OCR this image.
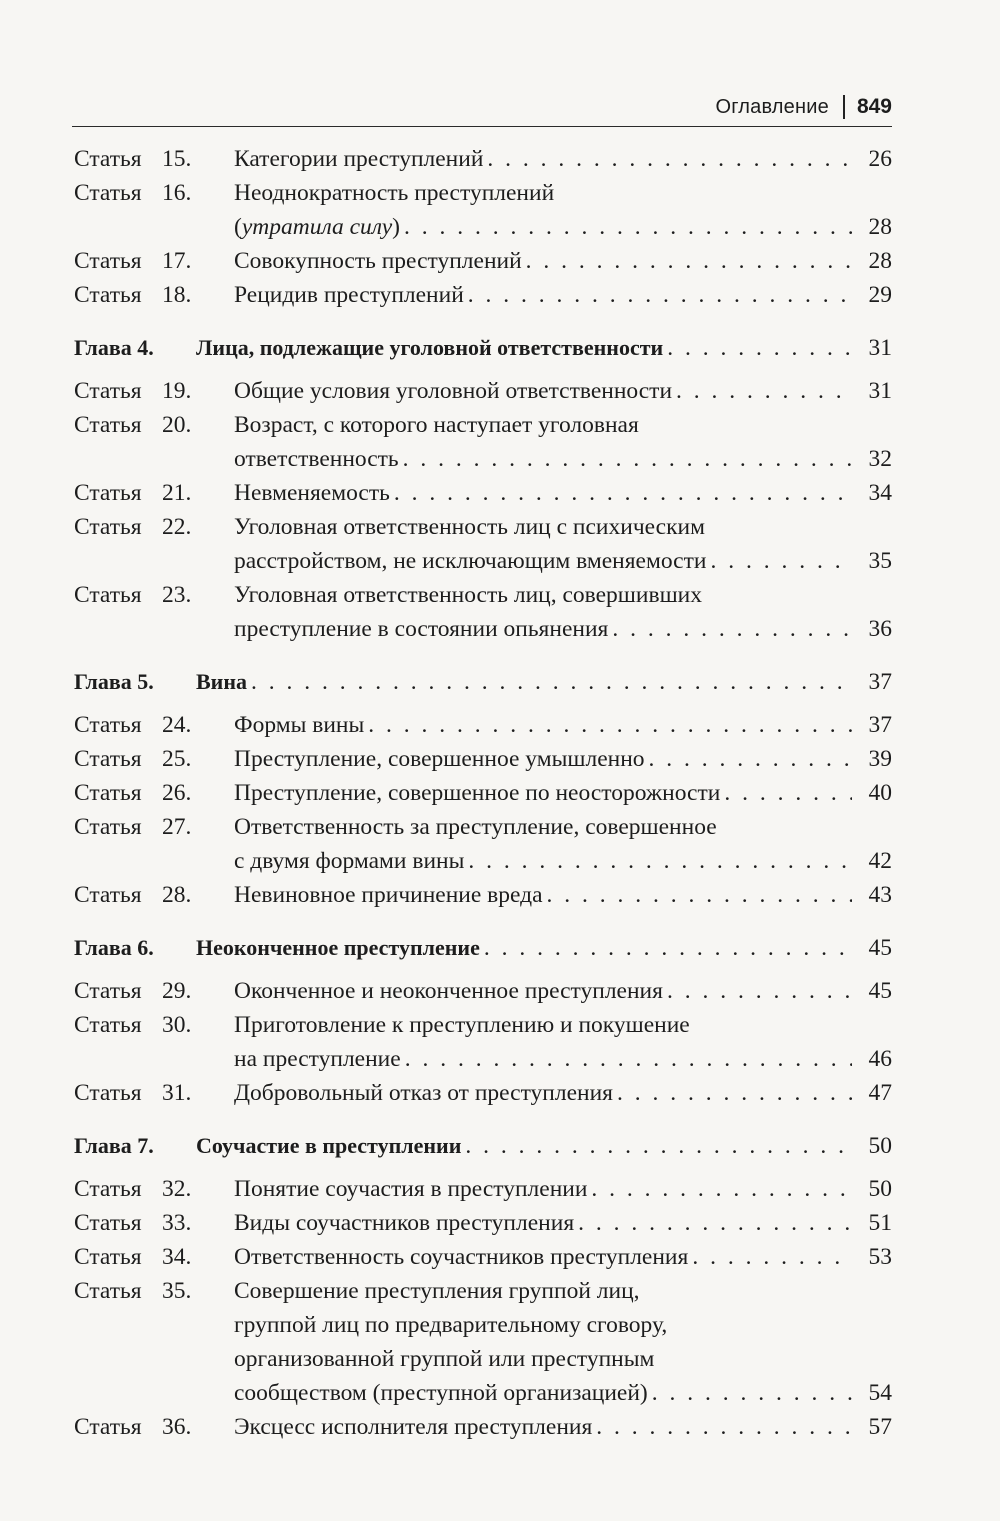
Оглавление 849
Статья 15.	Категории преступлений . . .	26
Статья 16.	Неоднократность преступлений
(утратила силу) . . .	28
Статья 17.	Совокупность преступлений . . .	28
Статья 18.	Рецидив преступлений . . .	29
Глава 4.	Лица, подлежащие уголовной ответственности . . .	31
Статья 19.	Общие условия уголовной ответственности . . .	31
Статья 20.	Возраст, с которого наступает уголовная
ответственность . . .	32
Статья 21.	Невменяемость . . .	34
Статья 22.	Уголовная ответственность лиц с психическим
расстройством, не исключающим вменяемости . . .	35
Статья 23.	Уголовная ответственность лиц, совершивших
преступление в состоянии опьянения . . .	36
Глава 5.	Вина . . .	37
Статья 24.	Формы вины . . .	37
Статья 25.	Преступление, совершенное умышленно . . .	39
Статья 26.	Преступление, совершенное по неосторожности . . .	40
Статья 27.	Ответственность за преступление, совершенное
с двумя формами вины . . .	42
Статья 28.	Невиновное причинение вреда . . .	43
Глава 6.	Неоконченное преступление . . .	45
Статья 29.	Оконченное и неоконченное преступления . . .	45
Статья 30.	Приготовление к преступлению и покушение
на преступление . . .	46
Статья 31.	Добровольный отказ от преступления . . .	47
Глава 7.	Соучастие в преступлении . . .	50
Статья 32.	Понятие соучастия в преступлении . . .	50
Статья 33.	Виды соучастников преступления . . .	51
Статья 34.	Ответственность соучастников преступления . . .	53
Статья 35.	Совершение преступления группой лиц,
группой лиц по предварительному сговору,
организованной группой или преступным
сообществом (преступной организацией) . . .	54
Статья 36.	Эксцесс исполнителя преступления . . .	57
